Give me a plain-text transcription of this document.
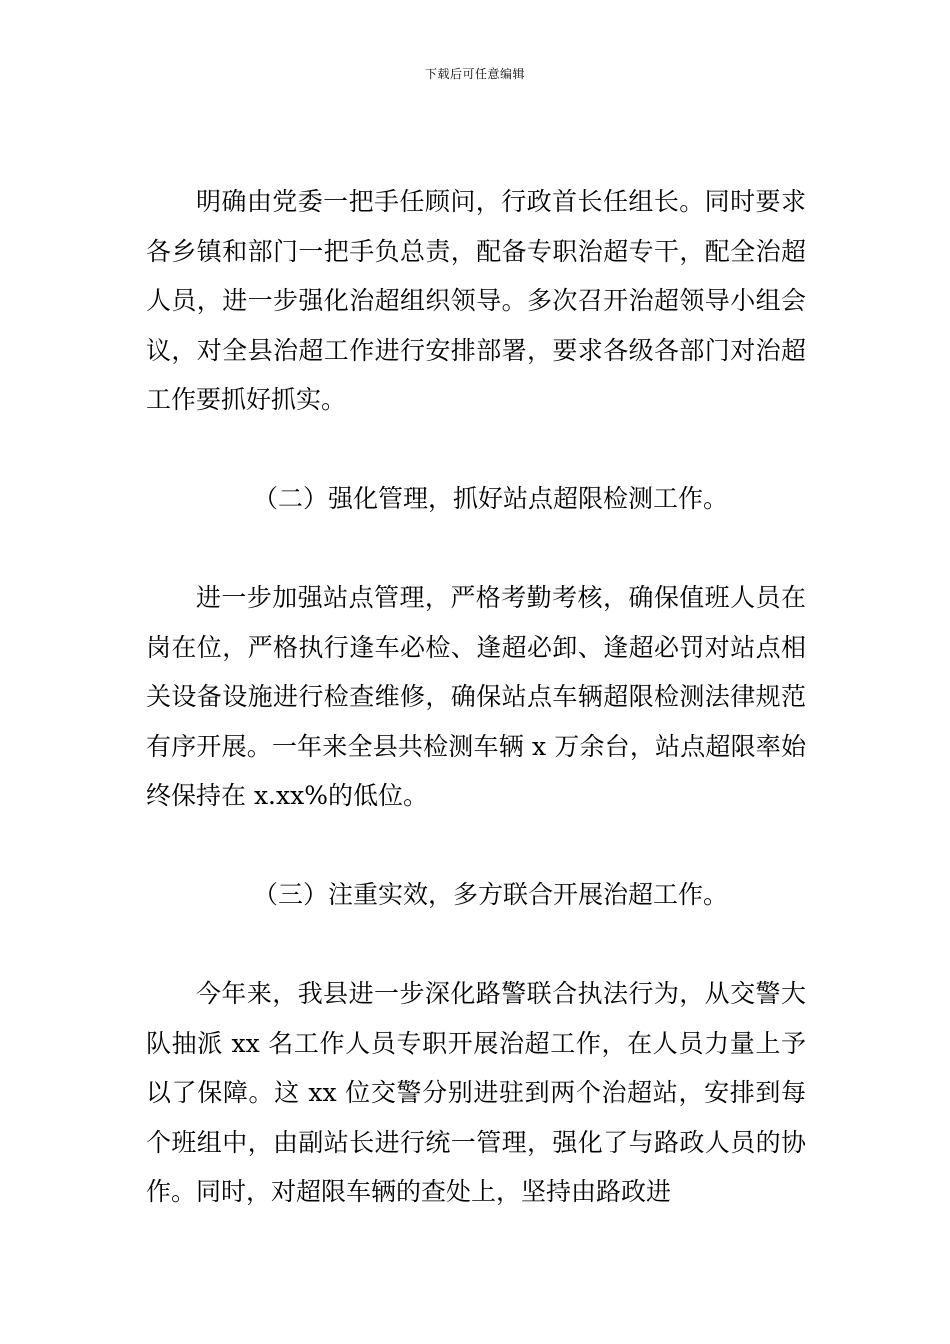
下载后可任意编辑

明确由党委一把手任顾问，行政首长任组长。同时要求各乡镇和部门一把手负总责，配备专职治超专干，配全治超人员，进一步强化治超组织领导。多次召开治超领导小组会议，对全县治超工作进行安排部署，要求各级各部门对治超工作要抓好抓实。

（二）强化管理，抓好站点超限检测工作。

进一步加强站点管理，严格考勤考核，确保值班人员在岗在位，严格执行逢车必检、逢超必卸、逢超必罚对站点相关设备设施进行检查维修，确保站点车辆超限检测法律规范有序开展。一年来全县共检测车辆 x 万余台，站点超限率始终保持在 x.xx%的低位。

（三）注重实效，多方联合开展治超工作。

今年来，我县进一步深化路警联合执法行为，从交警大队抽派 xx 名工作人员专职开展治超工作，在人员力量上予以了保障。这 xx 位交警分别进驻到两个治超站，安排到每个班组中，由副站长进行统一管理，强化了与路政人员的协作。同时，对超限车辆的查处上，坚持由路政进
